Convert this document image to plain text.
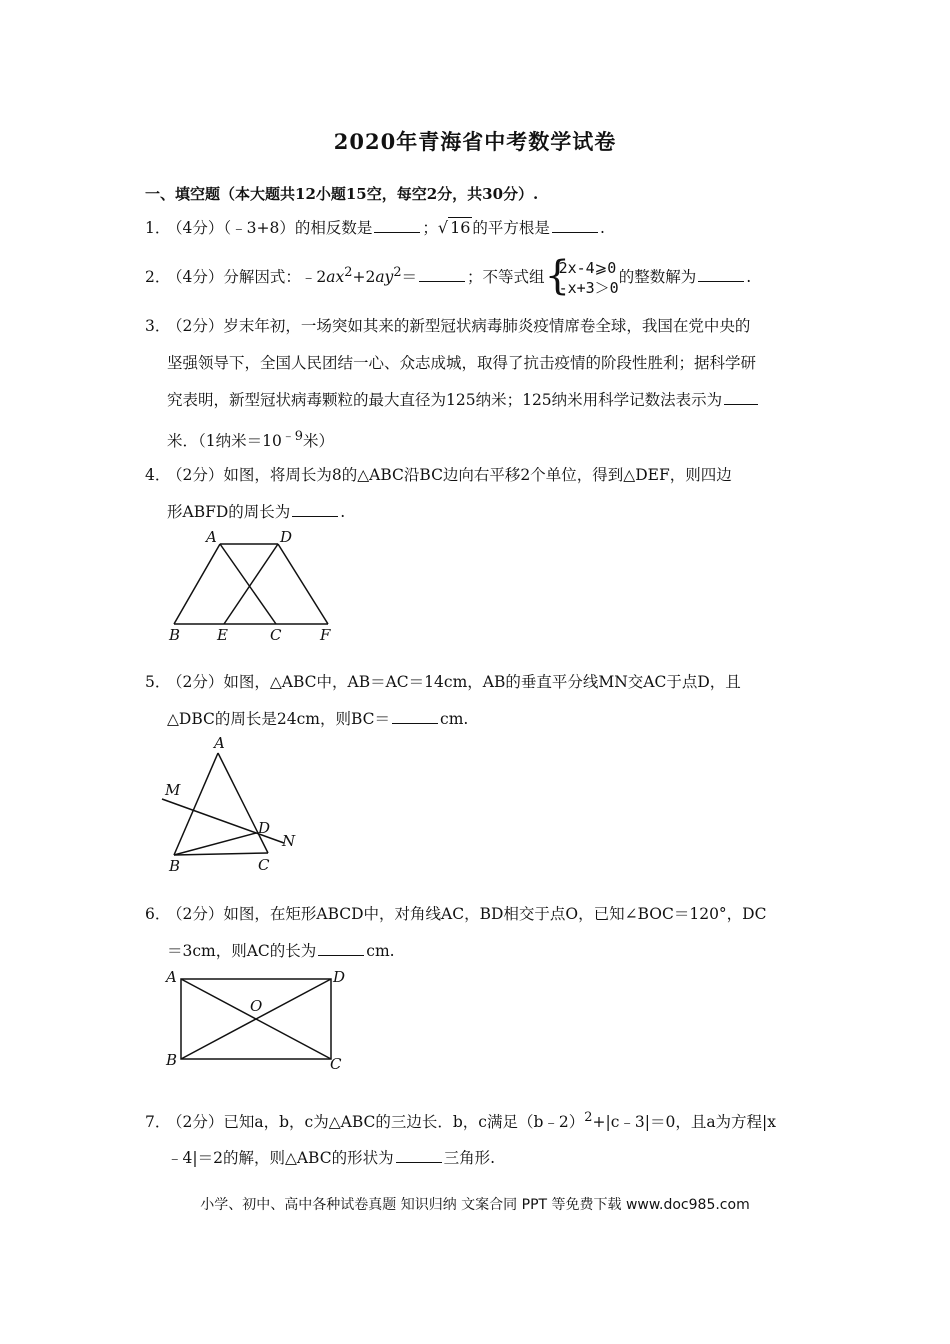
2020年青海省中考数学试卷
一、填空题（本大题共12小题15空，每空2分，共30分）.
1．（4分）（﹣3+8）的相反数是	；√ 16 的平方根是	.
2．（4分）分解因式：$﹣2ax^2+2ay^2=$	；不等式组 {
2x-4⩾0
-x+3＞0的整数解为	.
3．（2分）岁末年初，一场突如其来的新型冠状病毒肺炎疫情席卷全球，我国在党中央的
坚强领导下，全国人民团结一心、众志成城，取得了抗击疫情的阶段性胜利；据科学研
究表明，新型冠状病毒颗粒的最大直径为125纳米；125纳米用科学记数法表示为
米．（1纳米$=10^{﹣9}$米）
4．（2分）如图，将周长为8的△ABC沿BC边向右平移2个单位，得到△DEF，则四边
形ABFD的周长为	.
A	D
B E	C	F
5．（2分）如图，△ABC中，AB＝AC＝14cm，AB的垂直平分线MN交AC于点D，且
△DBC的周长是24cm，则BC＝	cm.
A
M
D
N
B	C
6．（2分）如图，在矩形ABCD中，对角线AC，BD相交于点O，已知∠BOC＝120°，DC
＝3cm，则AC的长为	cm.
A	D
O
B	C
7．（2分）已知a，b，c为△ABC的三边长．b，c满足（b﹣2）$^2$+|c﹣3|＝0，且a为方程|x
﹣4|＝2的解，则△ABC的形状为	三角形.
小学、初中、高中各种试卷真题 知识归纳 文案合同 PPT 等免费下载 www.doc985.com
